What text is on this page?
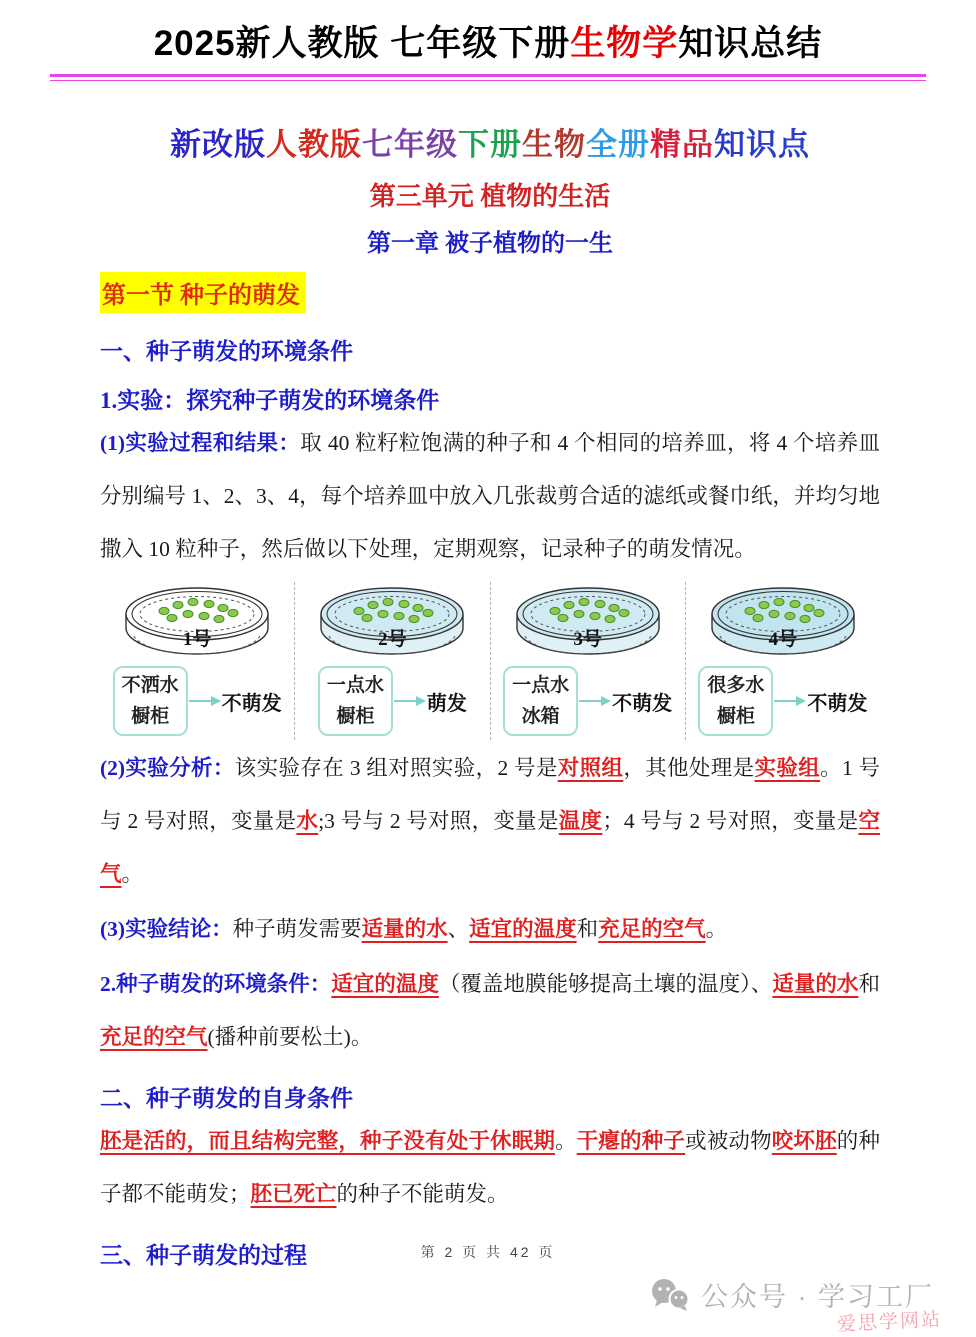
2025新人教版 七年级下册生物学知识总结
新改版人教版七年级下册生物全册精品知识点
第三单元 植物的生活
第一章 被子植物的一生
第一节 种子的萌发
一、种子萌发的环境条件
1.实验：探究种子萌发的环境条件

(1)实验过程和结果：取 40 粒籽粒饱满的种子和 4 个相同的培养皿，将 4 个培养皿分别编号 1、2、3、4，每个培养皿中放入几张裁剪合适的滤纸或餐巾纸，并均匀地撒入 10 粒种子，然后做以下处理，定期观察，记录种子的萌发情况。

1号
不洒水
橱柜
不萌发
2号
一点水
橱柜
萌发
3号
一点水
冰箱
不萌发
4号
很多水
橱柜
不萌发

(2)实验分析：该实验存在 3 组对照实验，2 号是对照组，其他处理是实验组。1 号与 2 号对照，变量是水;3 号与 2 号对照，变量是温度；4 号与 2 号对照，变量是空气。

(3)实验结论：种子萌发需要适量的水、适宜的温度和充足的空气。

2.种子萌发的环境条件：适宜的温度（覆盖地膜能够提高土壤的温度）、适量的水和充足的空气(播种前要松土)。

二、种子萌发的自身条件

胚是活的，而且结构完整，种子没有处于休眠期。干瘪的种子或被动物咬坏胚的种子都不能萌发；胚已死亡的种子不能萌发。

三、种子萌发的过程	第 2 页 共 42 页
公众号 · 学习工厂
爱思学网站
